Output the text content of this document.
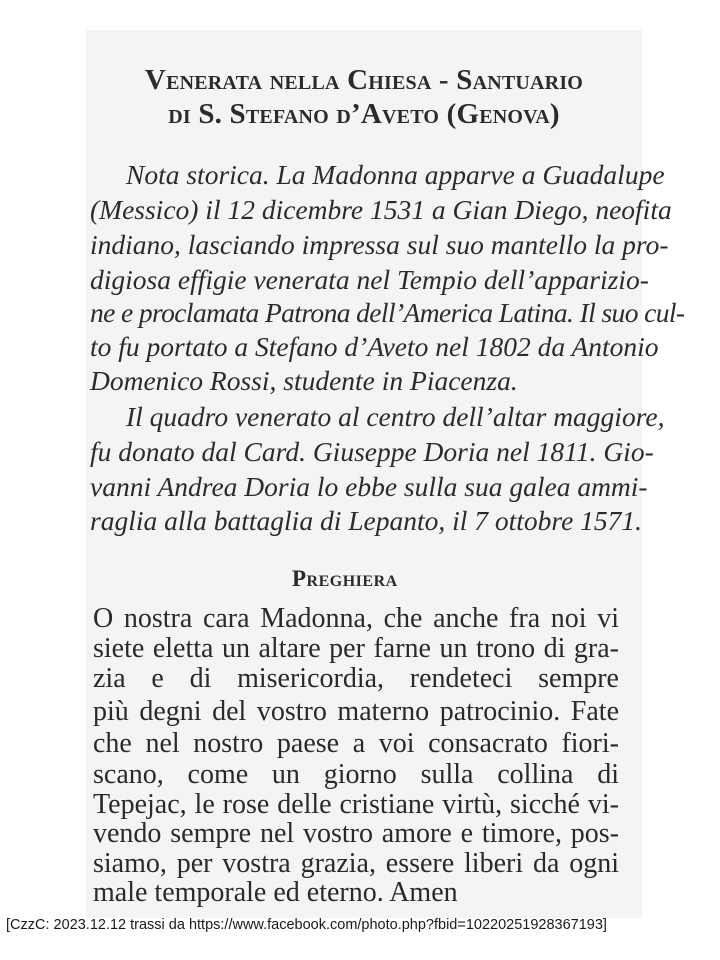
Venerata nella Chiesa - Santuario
di S. Stefano d’Aveto (Genova)
Nota storica. La Madonna apparve a Guadalupe
(Messico) il 12 dicembre 1531 a Gian Diego, neofita
indiano, lasciando impressa sul suo mantello la pro-
digiosa effigie venerata nel Tempio dell’apparizio-
ne e proclamata Patrona dell’America Latina. Il suo cul-
to fu portato a Stefano d’Aveto nel 1802 da Antonio
Domenico Rossi, studente in Piacenza.
Il quadro venerato al centro dell’altar maggiore,
fu donato dal Card. Giuseppe Doria nel 1811. Gio-
vanni Andrea Doria lo ebbe sulla sua galea ammi-
raglia alla battaglia di Lepanto, il 7 ottobre 1571.
Preghiera
O nostra cara Madonna, che anche fra noi vi
siete eletta un altare per farne un trono di gra-
zia e di misericordia, rendeteci sempre
più degni del vostro materno patrocinio. Fate
che nel nostro paese a voi consacrato fiori-
scano, come un giorno sulla collina di
Tepejac, le rose delle cristiane virtù, sicché vi-
vendo sempre nel vostro amore e timore, pos-
siamo, per vostra grazia, essere liberi da ogni
male temporale ed eterno. Amen
[CzzC: 2023.12.12 trassi da https://www.facebook.com/photo.php?fbid=10220251928367193]
